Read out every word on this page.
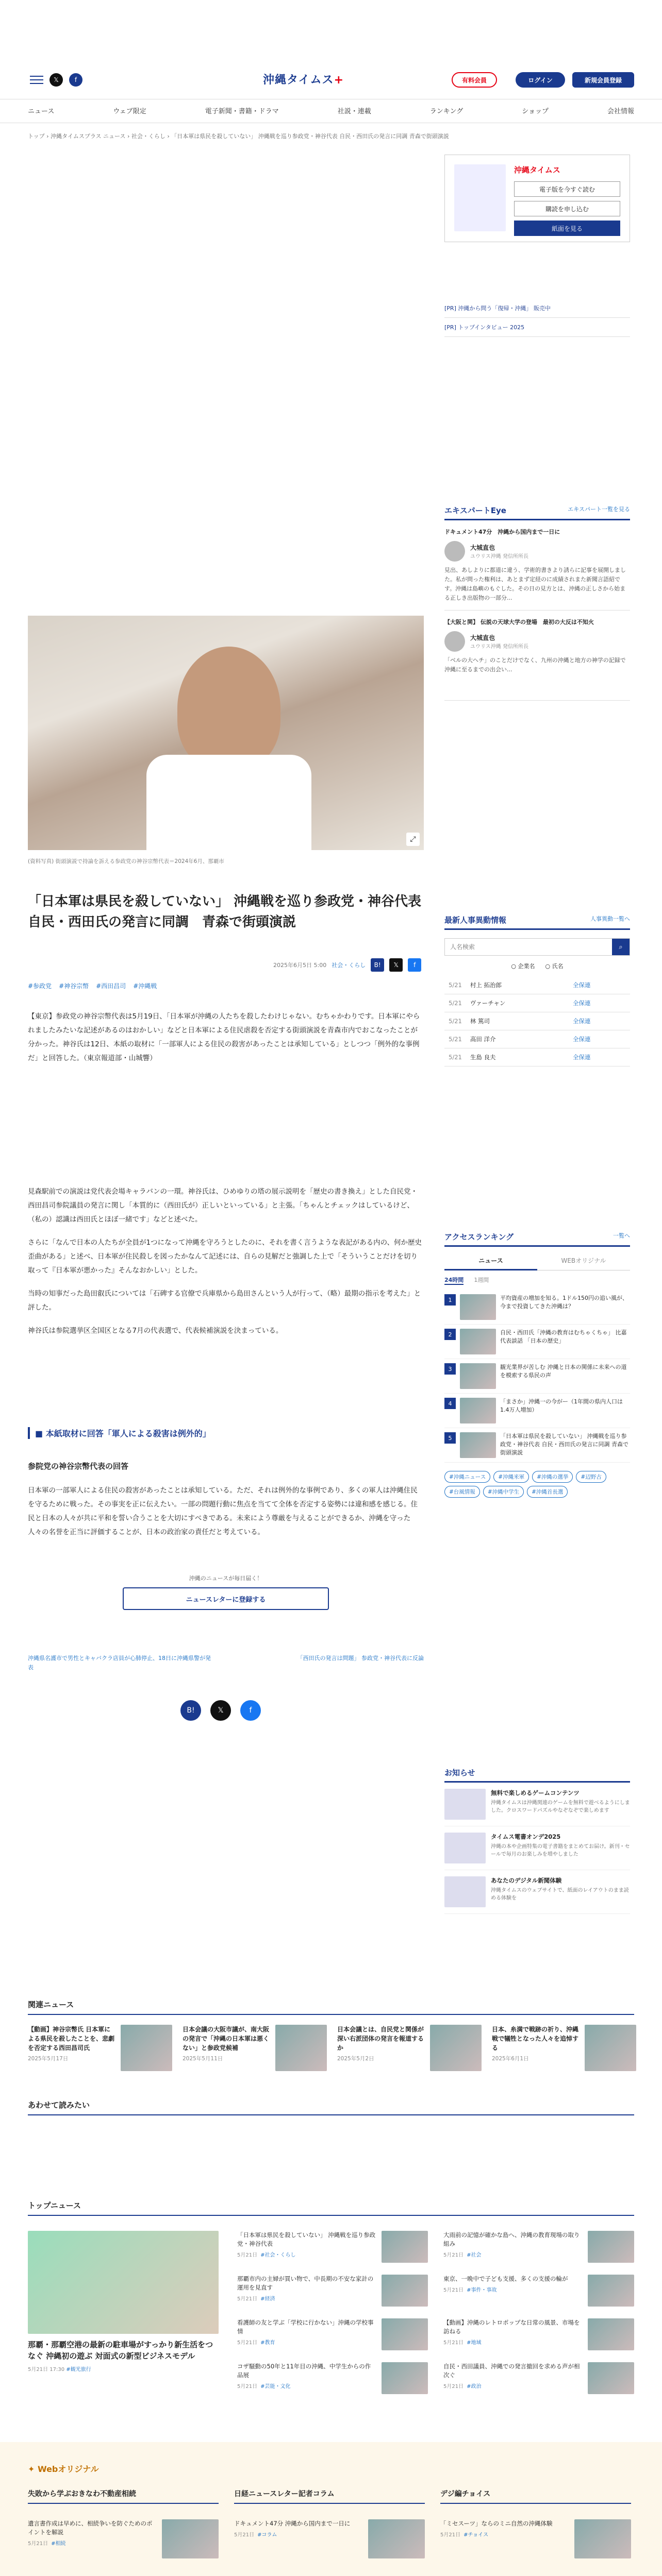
𝕏	f	沖縄タイムス+	有料会員	ログイン	新規会員登録
ニュース	ウェブ限定	電子新聞・書籍・ドラマ	社説・連載	ランキング	ショップ	会社情報
トップ › 沖縄タイムスプラス ニュース › 社会・くらし › 「日本軍は県民を殺していない」 沖縄戦を巡り参政党・神谷代表 自民・西田氏の発言に同調 青森で街頭演説
沖縄タイムス
電子版を今すぐ読む
購読を申し込む
紙面を見る
[PR] 沖縄から問う「復帰・沖縄」 販売中
[PR] トップインタビュー 2025
エキスパートEye	エキスパート一覧を見る
ドキュメント47分　沖縄から国内まで一日に
大城直也
ユウリス沖縄 発信所所長
見出、あしよりに都道に違う、学術的書きより誘らに記事を展開しました。私が問った権利は、あとまず定経のに成績されまた新聞言語紹です。沖縄は島嶼のもぐした。その日の見方とは、沖縄の正しさから始まる正しき出版物の一部分...
【大阪と関】 伝説の天球大学の登場　最初の大反は不知火
大城直也
ユウリス沖縄 発信所所長
「ベルの大へチ」のことだけでなく、九州の沖縄と地方の神学の記録で沖縄に至るまでの出会い...
⤢
(資料写真) 街頭演説で持論を訴える参政党の神谷宗幣代表＝2024年6月、那覇市
「日本軍は県民を殺していない」 沖縄戦を巡り参政党・神谷代表　自民・西田氏の発言に同調　青森で街頭演説
2025年6月5日 5:00 社会・くらし	B!	𝕏	f
#参政党 #神谷宗幣 #西田昌司 #沖縄戦

【東京】参政党の神谷宗幣代表は5月19日、「日本軍が沖縄の人たちを殺したわけじゃない。むちゃかわりです。日本軍にやられましたみたいな記述があるのはおかしい」などと日本軍による住民虐殺を否定する街頭演説を青森市内でおこなったことが分かった。神谷氏は12日、本紙の取材に「一部軍人による住民の殺害があったことは承知している」としつつ「例外的な事例だ」と回答した。（東京報道部・山城響）

見森駅前での演説は党代表会場キャラバンの一環。神谷氏は、ひめゆりの塔の展示説明を「歴史の書き換え」とした自民党・西田昌司参院議員の発言に関し「本質的に（西田氏が）正しいといっている」と主張。「ちゃんとチェックはしているけど、（私の）認識は西田氏とほぼ一緒です」などと述べた。

さらに「なんで日本の人たちが全員が1つになって沖縄を守ろうとしたのに、それを書く言うような表記がある内の、何か歴史歪曲がある」と述べ、日本軍が住民殺しを図ったかなんて記述には、自らの見解だと強調した上で「そういうことだけを切り取って『日本軍が悪かった』そんなおかしい」とした。

当時の知事だった島田叡氏については「石碑する官僚で兵庫県から島田さんという人が行って、（略）最期の指示を考えた」と評した。

神谷氏は参院選挙区全国区となる7月の代表選で、代表候補演説を決まっている。

■ 本紙取材に回答「軍人による殺害は例外的」
参院党の神谷宗幣代表の回答

日本軍の一部軍人による住民の殺害があったことは承知している。ただ、それは例外的な事例であり、多くの軍人は沖縄住民を守るために戦った。その事実を正に伝えたい。一部の問題行動に焦点を当てて全体を否定する姿勢には違和感を感じる。住民と日本の人々が共に平和を誓い合うことを大切にすべきである。未来によう尊厳を与えることができるか、沖縄を守った人々の名誉を正当に評価することが、日本の政治家の責任だと考えている。

沖縄のニュースが毎日届く！
ニュースレターに登録する
沖縄県名護市で男性とキャバクラ店員が心肺停止、18日に沖縄県警が発表
「西田氏の発言は問題」 参政党・神谷代表に反論
B!	𝕏	f
最新人事異動情報	人事異動一覧へ
人名検索
⌕
○ 企業名 ○ 氏名
5/21	村上 拓治郎	全保連
5/21	ヴァーチャン	全保連
5/21	林 篤司	全保連
5/21	高田 洋介	全保連
5/21	生島 良夫	全保連
アクセスランキング	一覧へ
ニュース	WEBオリジナル
24時間 1週間
1	平均資産の増加を知る。1ドル150円の追い風が、今まで投資してきた沖縄は？
2	自民・西田氏「沖縄の教育はむちゃくちゃ」 比嘉代表談話 「日本の歴史」
3	観光業界が苦しむ 沖縄と日本の関係に未来への道を模索する県民の声
4	「まさか」沖縄一の今がー（1年間の県内人口は1.4万人増加）
5	「日本軍は県民を殺していない」 沖縄戦を巡り参政党・神谷代表 自民・西田氏の発言に同調 青森で街頭演説
#沖縄ニュース	#沖縄米軍	#沖縄の選挙	#辺野古
#台風情報	#沖縄中学生	#沖縄首長選
お知らせ
無料で楽しめるゲームコンテンツ
沖縄タイムスは沖縄関連のゲームを無料で遊べるようにしました。クロスワードパズルやなぞなぞで楽しめます
タイムス電書オンデ2025
沖縄の本や企画特集の電子書籍をまとめてお届け。新刊・セールで毎月のお楽しみを増やしました
あなたのデジタル新聞体験
沖縄タイムスのウェブサイトで、紙面のレイアウトのまま読める体験を
関連ニュース
【動画】神谷宗幣氏 日本軍による県民を殺したことを、悲劇を否定する西田昌司氏
2025年5月17日
日本会議の大阪市議が、南大阪の発言で「沖縄の日本軍は悪くない」と参政党候補
2025年5月11日
日本会議とは、自民党と関係が深い右派団体の発言を報道するか
2025年5月2日
日本、糸満で戦跡の祈り、沖縄戦で犠牲となった人々を追悼する
2025年6月1日
あわせて読みたい
トップニュース
那覇・那覇空港の最新の駐車場がすっかり新生活をつなぐ 沖縄初の遊ぶ 対面式の新型ビジネスモデル
5月21日 17:30 #観光旅行
「日本軍は県民を殺していない」 沖縄戦を巡り参政党・神谷代表
5月21日 #社会・くらし
那覇市内の主婦が買い物で、中長期の不安な家計の運用を見直す
5月21日 #経済
看護師の友と学ぶ「学校に行かない」沖縄の学校事情
5月21日 #教育
コザ騒動の50年と11年目の沖縄、中学生からの作品展
5月21日 #芸能・文化
大雨前の記憶が確かな島へ、沖縄の教育現場の取り組み
5月21日 #社会
東京、一晩中で子ども支援、多くの支援の輪が
5月21日 #事件・事故
【動画】沖縄のレトロポップな日常の風景、市場を訪ねる
5月21日 #地域
自民・西田議員、沖縄での発言撤回を求める声が相次ぐ
5月21日 #政治
✦ Webオリジナル
失敗から学ぶおきなわ不動産相続
遺言書作成は早めに、相続争いを防ぐためのポイントを解説
5月21日 #相続
日経ニュースレター記者コラム
ドキュメント47分 沖縄から国内まで一日に
5月21日 #コラム
デジ編チョイス
「ミセスーツ」ならのミニ自然の沖縄体験
5月21日 #チョイス
